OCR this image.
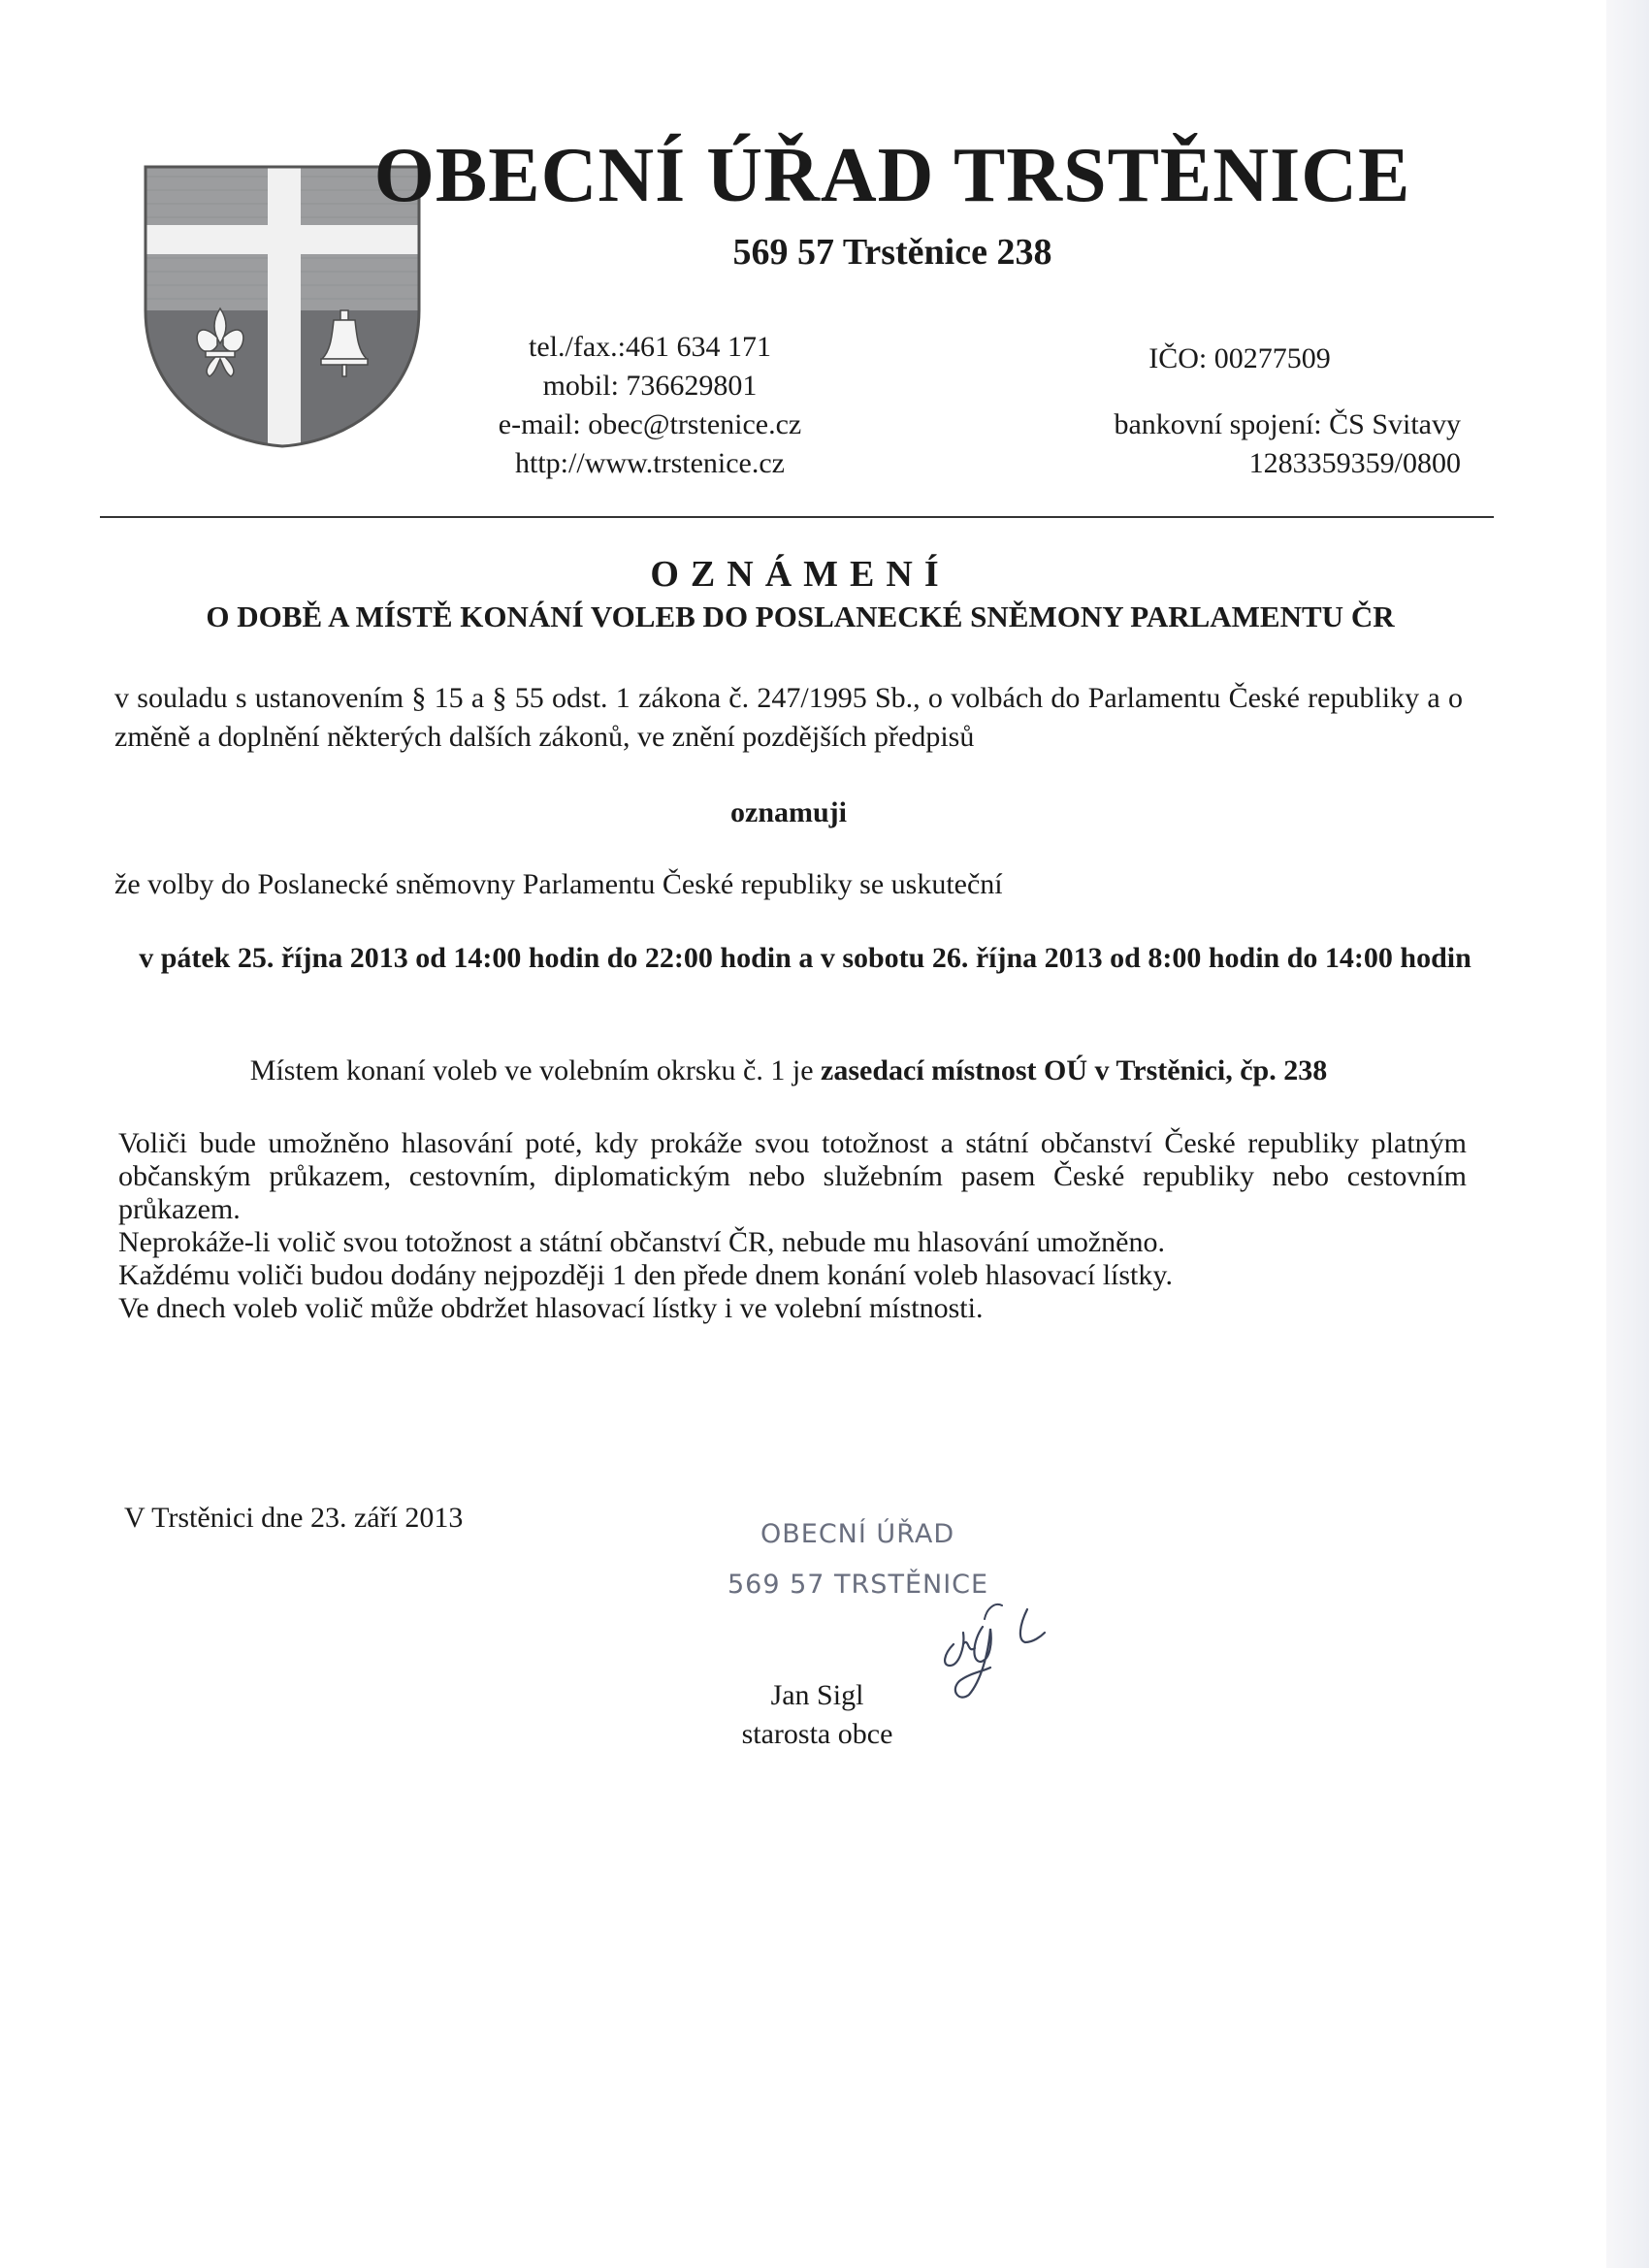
OBECNÍ ÚŘAD TRSTĚNICE
569 57 Trstěnice 238
tel./fax.:461 634 171
mobil: 736629801
e-mail: obec@trstenice.cz
http://www.trstenice.cz
IČO: 00277509
bankovní spojení: ČS Svitavy
1283359359/0800
OZNÁMENÍ
O DOBĚ A MÍSTĚ KONÁNÍ VOLEB DO POSLANECKÉ SNĚMONY PARLAMENTU ČR
v souladu s ustanovením § 15 a § 55 odst. 1 zákona č. 247/1995 Sb., o volbách do Parlamentu České republiky a o změně a doplnění některých dalších zákonů, ve znění pozdějších předpisů
oznamuji
že volby do Poslanecké sněmovny Parlamentu České republiky se uskuteční
v pátek 25. října 2013 od 14:00 hodin do 22:00 hodin a v sobotu 26. října 2013 od 8:00 hodin do 14:00 hodin
Místem konaní voleb ve volebním okrsku č. 1 je zasedací místnost OÚ v Trstěnici, čp. 238
Voliči bude umožněno hlasování poté, kdy prokáže svou totožnost a státní občanství České republiky platným občanským průkazem, cestovním, diplomatickým nebo služebním pasem České republiky nebo cestovním průkazem.
Neprokáže-li volič svou totožnost a státní občanství ČR, nebude mu hlasování umožněno.
Každému voliči budou dodány nejpozději 1 den přede dnem konání voleb hlasovací lístky.
Ve dnech voleb volič může obdržet hlasovací lístky i ve volební místnosti.
V Trstěnici dne 23. září 2013
OBECNÍ ÚŘAD
569 57 TRSTĚNICE
Jan Sigl
starosta obce
